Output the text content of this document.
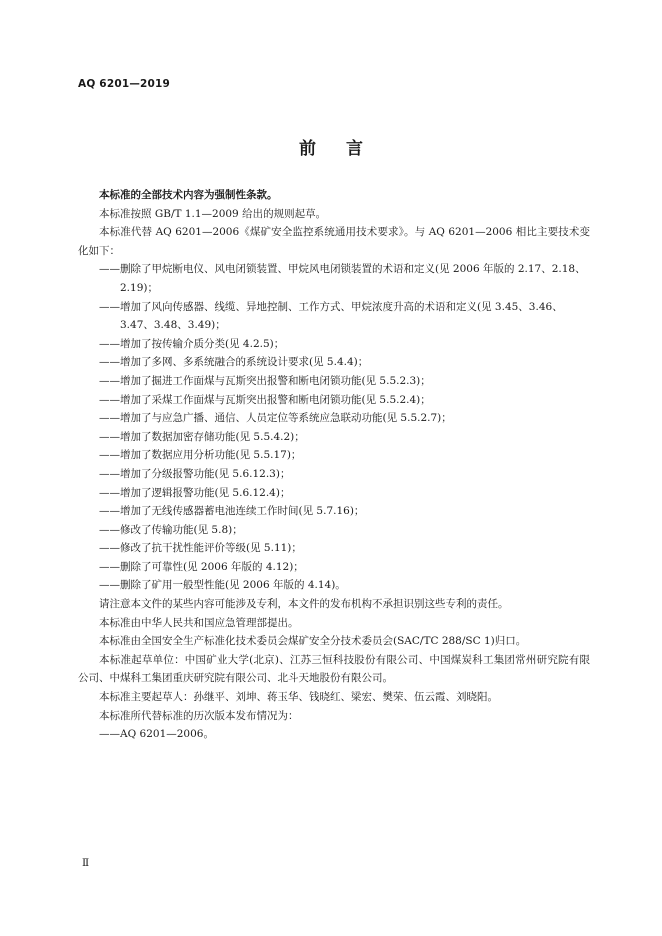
AQ 6201—2019
前言

本标准的全部技术内容为强制性条款。

本标准按照 GB/T 1.1—2009 给出的规则起草。

本标准代替 AQ 6201—2006《煤矿安全监控系统通用技术要求》。与 AQ 6201—2006 相比主要技术变化如下：

——删除了甲烷断电仪、风电闭锁装置、甲烷风电闭锁装置的术语和定义(见 2006 年版的 2.17、2.18、2.19)；

——增加了风向传感器、线缆、异地控制、工作方式、甲烷浓度升高的术语和定义(见 3.45、3.46、3.47、3.48、3.49)；

——增加了按传输介质分类(见 4.2.5)；

——增加了多网、多系统融合的系统设计要求(见 5.4.4)；

——增加了掘进工作面煤与瓦斯突出报警和断电闭锁功能(见 5.5.2.3)；

——增加了采煤工作面煤与瓦斯突出报警和断电闭锁功能(见 5.5.2.4)；

——增加了与应急广播、通信、人员定位等系统应急联动功能(见 5.5.2.7)；

——增加了数据加密存储功能(见 5.5.4.2)；

——增加了数据应用分析功能(见 5.5.17)；

——增加了分级报警功能(见 5.6.12.3)；

——增加了逻辑报警功能(见 5.6.12.4)；

——增加了无线传感器蓄电池连续工作时间(见 5.7.16)；

——修改了传输功能(见 5.8)；

——修改了抗干扰性能评价等级(见 5.11)；

——删除了可靠性(见 2006 年版的 4.12)；

——删除了矿用一般型性能(见 2006 年版的 4.14)。

请注意本文件的某些内容可能涉及专利，本文件的发布机构不承担识别这些专利的责任。

本标准由中华人民共和国应急管理部提出。

本标准由全国安全生产标准化技术委员会煤矿安全分技术委员会(SAC/TC 288/SC 1)归口。

本标准起草单位：中国矿业大学(北京)、江苏三恒科技股份有限公司、中国煤炭科工集团常州研究院有限公司、中煤科工集团重庆研究院有限公司、北斗天地股份有限公司。

本标准主要起草人：孙继平、刘坤、蒋玉华、钱晓红、梁宏、樊荣、伍云霞、刘晓阳。

本标准所代替标准的历次版本发布情况为：

——AQ 6201—2006。

Ⅱ
